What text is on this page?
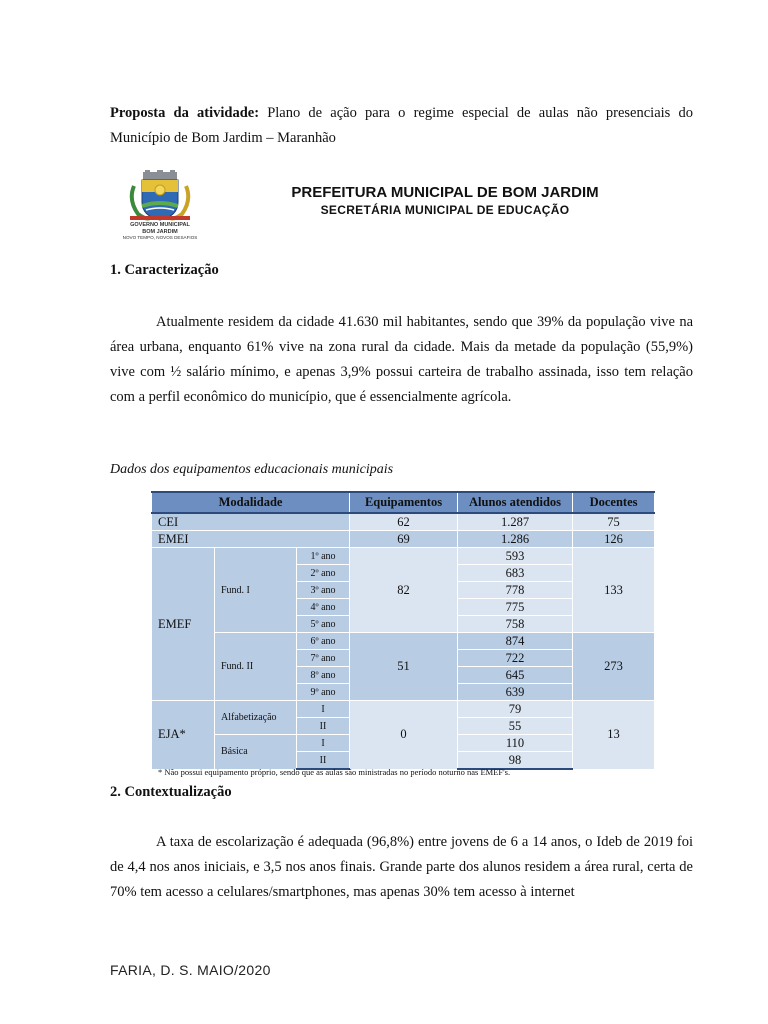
Proposta da atividade: Plano de ação para o regime especial de aulas não presenciais do Município de Bom Jardim – Maranhão
GOVERNO MUNICIPAL
BOM JARDIM
NOVO TEMPO, NOVOS DESAFIOS
PREFEITURA MUNICIPAL DE BOM JARDIM
SECRETÁRIA MUNICIPAL DE EDUCAÇÃO
1. Caracterização
Atualmente residem da cidade 41.630 mil habitantes, sendo que 39% da população vive na área urbana, enquanto 61% vive na zona rural da cidade. Mais da metade da população (55,9%) vive com ½ salário mínimo, e apenas 3,9% possui carteira de trabalho assinada, isso tem relação com a perfil econômico do município, que é essencialmente agrícola.
Dados dos equipamentos educacionais municipais
Modalidade			Equipamentos	Alunos atendidos	Docentes
CEI			62	1.287	75
EMEI			69	1.286	126
EMEF	Fund. I	1º ano	82	593	133
		2º ano		683	
		3º ano		778	
		4º ano		775	
		5º ano		758	
	Fund. II	6º ano	51	874	273
		7º ano		722	
		8º ano		645	
		9º ano		639	
EJA*	Alfabetização	I	0	79	13
		II		55	
	Básica	I		110	
		II		98	
* Não possui equipamento próprio, sendo que as aulas são ministradas no período noturno nas EMEF's.
2. Contextualização
A taxa de escolarização é adequada (96,8%) entre jovens de 6 a 14 anos, o Ideb de 2019 foi de 4,4 nos anos iniciais, e 3,5 nos anos finais. Grande parte dos alunos residem a área rural, certa de 70% tem acesso a celulares/smartphones, mas apenas 30% tem acesso à internet
FARIA, D. S. MAIO/2020
